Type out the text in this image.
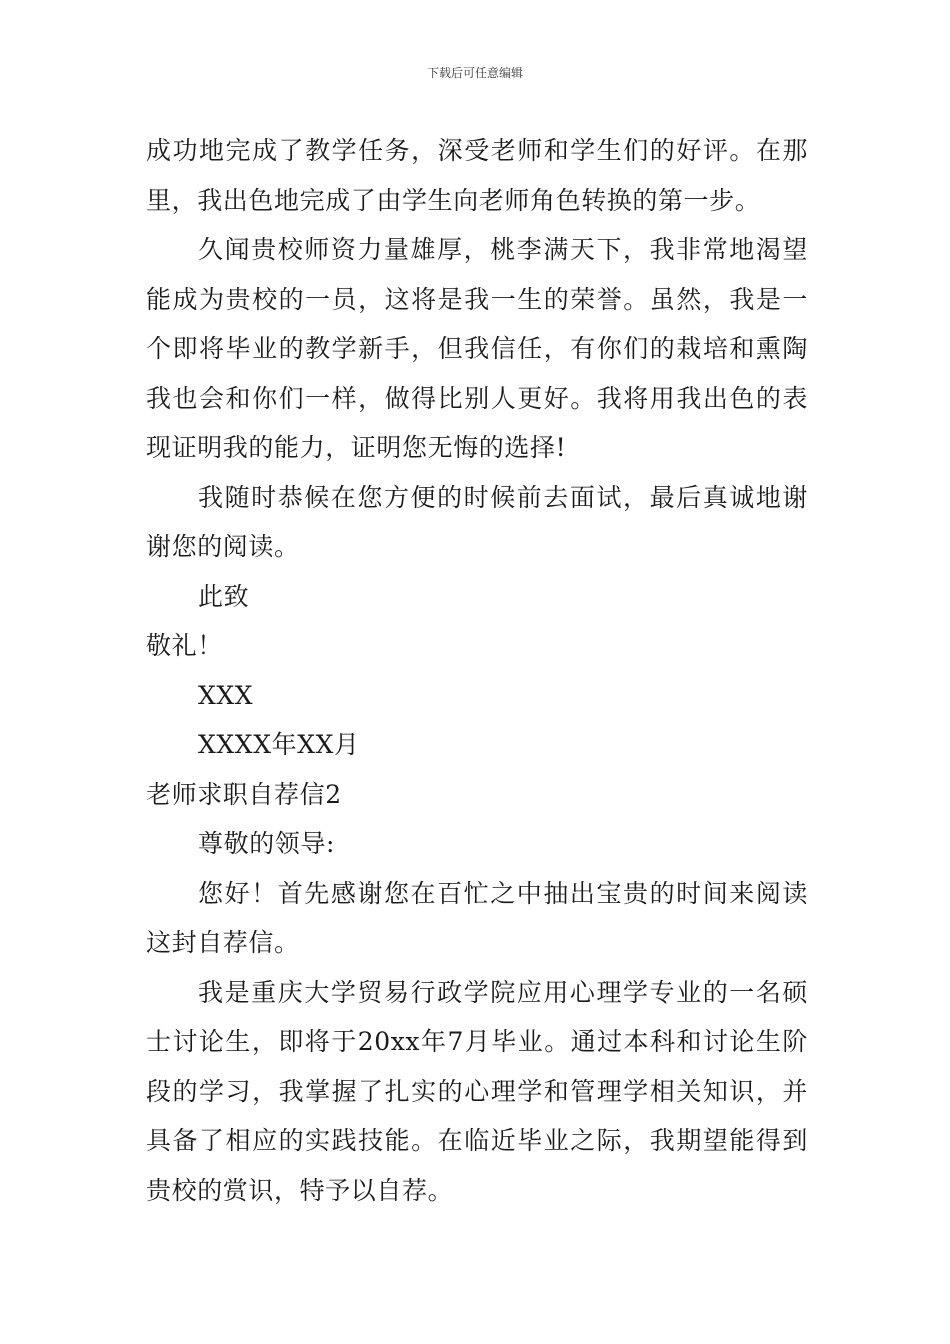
下载后可任意编辑
成功地完成了教学任务，深受老师和学生们的好评。在那
里，我出色地完成了由学生向老师角色转换的第一步。
久闻贵校师资力量雄厚，桃李满天下，我非常地渴望
能成为贵校的一员，这将是我一生的荣誉。虽然，我是一
个即将毕业的教学新手，但我信任，有你们的栽培和熏陶
我也会和你们一样，做得比别人更好。我将用我出色的表
现证明我的能力，证明您无悔的选择!
我随时恭候在您方便的时候前去面试，最后真诚地谢
谢您的阅读。
此致
敬礼！
XXX
XXXX年XX月
老师求职自荐信2
尊敬的领导:
您好！首先感谢您在百忙之中抽出宝贵的时间来阅读
这封自荐信。
我是重庆大学贸易行政学院应用心理学专业的一名硕
士讨论生，即将于20xx年7月毕业。通过本科和讨论生阶
段的学习，我掌握了扎实的心理学和管理学相关知识，并
具备了相应的实践技能。在临近毕业之际，我期望能得到
贵校的赏识，特予以自荐。
